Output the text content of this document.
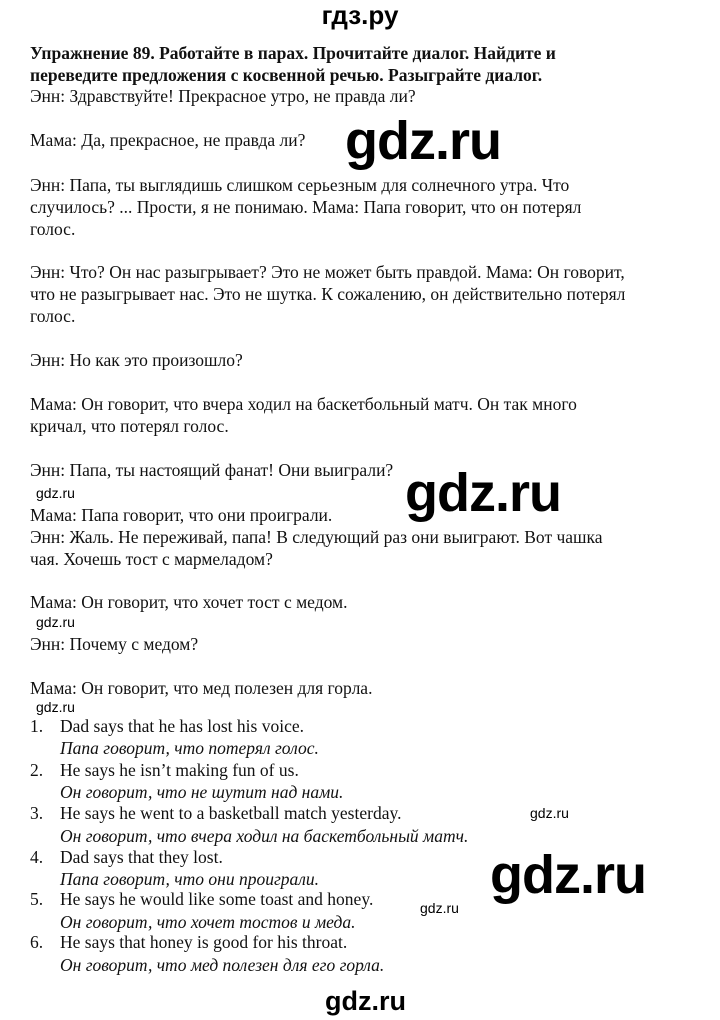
гдз.ру
Упражнение 89. Работайте в парах. Прочитайте диалог. Найдите и
переведите предложения с косвенной речью. Разыграйте диалог.
Энн: Здравствуйте! Прекрасное утро, не правда ли?
Мама: Да, прекрасное, не правда ли?
Энн: Папа, ты выглядишь слишком серьезным для солнечного утра. Что
случилось? ... Прости, я не понимаю. Мама: Папа говорит, что он потерял
голос.
Энн: Что? Он нас разыгрывает? Это не может быть правдой. Мама: Он говорит,
что не разыгрывает нас. Это не шутка. К сожалению, он действительно потерял
голос.
Энн: Но как это произошло?
Мама: Он говорит, что вчера ходил на баскетбольный матч. Он так много
кричал, что потерял голос.
Энн: Папа, ты настоящий фанат! Они выиграли?
Мама: Папа говорит, что они проиграли.
Энн: Жаль. Не переживай, папа! В следующий раз они выиграют. Вот чашка
чая. Хочешь тост с мармеладом?
Мама: Он говорит, что хочет тост с медом.
Энн: Почему с медом?
Мама: Он говорит, что мед полезен для горла.
1. Dad says that he has lost his voice.
Папа говорит, что потерял голос.
2. He says he isn’t making fun of us.
Он говорит, что не шутит над нами.
3. He says he went to a basketball match yesterday.
Он говорит, что вчера ходил на баскетбольный матч.
4. Dad says that they lost.
Папа говорит, что они проиграли.
5. He says he would like some toast and honey.
Он говорит, что хочет тостов и меда.
6. He says that honey is good for his throat.
Он говорит, что мед полезен для его горла.
gdz.ru
gdz.ru
gdz.ru
gdz.ru
gdz.ru
gdz.ru
gdz.ru
gdz.ru
gdz.ru
